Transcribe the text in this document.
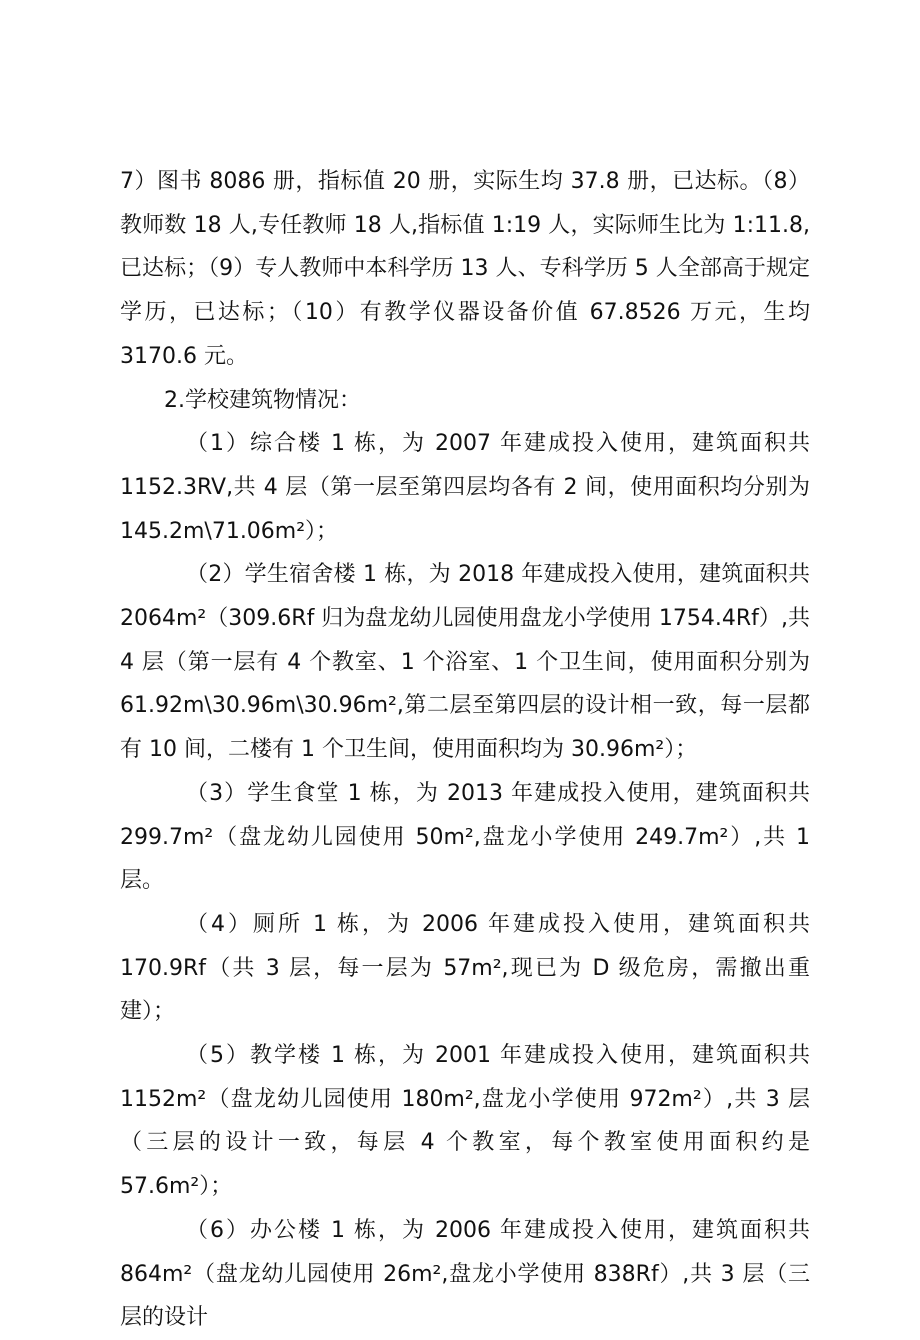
7）图书 8086 册，指标值 20 册，实际生均 37.8 册，已达标。（8）教师数 18 人,专任教师 18 人,指标值 1:19 人，实际师生比为 1:11.8,已达标；（9）专人教师中本科学历 13 人、专科学历 5 人全部高于规定学历，已达标；（10）有教学仪器设备价值 67.8526 万元，生均 3170.6 元。

2.学校建筑物情况：

（1）综合楼 1 栋，为 2007 年建成投入使用，建筑面积共 1152.3RV,共 4 层（第一层至第四层均各有 2 间，使用面积均分别为 145.2m\71.06m²）；

（2）学生宿舍楼 1 栋，为 2018 年建成投入使用，建筑面积共 2064m²（309.6Rf 归为盘龙幼儿园使用盘龙小学使用 1754.4Rf）,共 4 层（第一层有 4 个教室、1 个浴室、1 个卫生间，使用面积分别为 61.92m\30.96m\30.96m²,第二层至第四层的设计相一致，每一层都有 10 间，二楼有 1 个卫生间，使用面积均为 30.96m²）；

（3）学生食堂 1 栋，为 2013 年建成投入使用，建筑面积共 299.7m²（盘龙幼儿园使用 50m²,盘龙小学使用 249.7m²）,共 1 层。

（4）厕所 1 栋，为 2006 年建成投入使用，建筑面积共 170.9Rf（共 3 层，每一层为 57m²,现已为 D 级危房，需撤出重建）；

（5）教学楼 1 栋，为 2001 年建成投入使用，建筑面积共 1152m²（盘龙幼儿园使用 180m²,盘龙小学使用 972m²）,共 3 层（三层的设计一致，每层 4 个教室，每个教室使用面积约是 57.6m²）；

（6）办公楼 1 栋，为 2006 年建成投入使用，建筑面积共 864m²（盘龙幼儿园使用 26m²,盘龙小学使用 838Rf）,共 3 层（三层的设计
